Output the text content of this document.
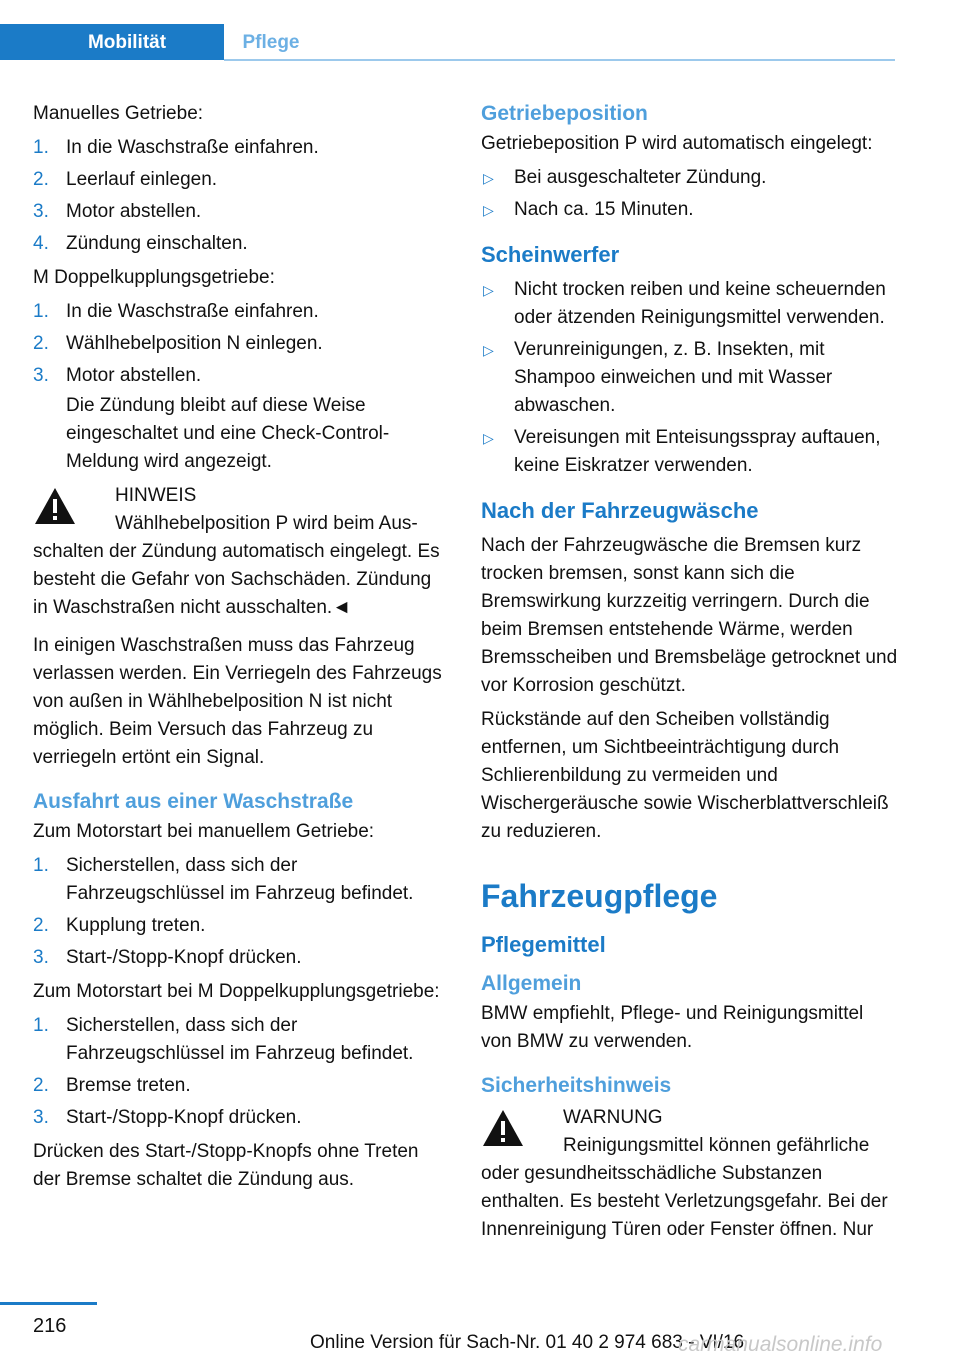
Mobilität	Pflege

Manuelles Getriebe:

1. In die Waschstraße einfahren.
2. Leerlauf einlegen.
3. Motor abstellen.
4. Zündung einschalten.

M Doppelkupplungsgetriebe:

1. In die Waschstraße einfahren.
2. Wählhebelposition N einlegen.
3. Motor abstellen.
Die Zündung bleibt auf diese Weise eingeschaltet und eine Check-Control-Meldung wird angezeigt.
HINWEIS
Wählhebelposition P wird beim Aus-
schalten der Zündung automatisch eingelegt. Es besteht die Gefahr von Sachschäden. Zündung in Waschstraßen nicht ausschalten.◄

In einigen Waschstraßen muss das Fahrzeug verlassen werden. Ein Verriegeln des Fahrzeugs von außen in Wählhebelposition N ist nicht möglich. Beim Versuch das Fahrzeug zu verriegeln ertönt ein Signal.

Ausfahrt aus einer Waschstraße

Zum Motorstart bei manuellem Getriebe:

1. Sicherstellen, dass sich der Fahrzeugschlüssel im Fahrzeug befindet.
2. Kupplung treten.
3. Start-/Stopp-Knopf drücken.

Zum Motorstart bei M Doppelkupplungsgetriebe:

1. Sicherstellen, dass sich der Fahrzeugschlüssel im Fahrzeug befindet.
2. Bremse treten.
3. Start-/Stopp-Knopf drücken.

Drücken des Start-/Stopp-Knopfs ohne Treten der Bremse schaltet die Zündung aus.

Getriebeposition

Getriebeposition P wird automatisch eingelegt:

▷ Bei ausgeschalteter Zündung.
▷ Nach ca. 15 Minuten.
Scheinwerfer
▷ Nicht trocken reiben und keine scheuernden oder ätzenden Reinigungsmittel verwenden.
▷ Verunreinigungen, z. B. Insekten, mit Shampoo einweichen und mit Wasser abwaschen.
▷ Vereisungen mit Enteisungsspray auftauen, keine Eiskratzer verwenden.
Nach der Fahrzeugwäsche

Nach der Fahrzeugwäsche die Bremsen kurz trocken bremsen, sonst kann sich die Bremswirkung kurzzeitig verringern. Durch die beim Bremsen entstehende Wärme, werden Bremsscheiben und Bremsbeläge getrocknet und vor Korrosion geschützt.

Rückstände auf den Scheiben vollständig entfernen, um Sichtbeeinträchtigung durch Schlierenbildung zu vermeiden und Wischergeräusche sowie Wischerblattverschleiß zu reduzieren.

Fahrzeugpflege
Pflegemittel
Allgemein

BMW empfiehlt, Pflege- und Reinigungsmittel von BMW zu verwenden.

Sicherheitshinweis
WARNUNG
Reinigungsmittel können gefährliche
oder gesundheitsschädliche Substanzen enthalten. Es besteht Verletzungsgefahr. Bei der Innenreinigung Türen oder Fenster öffnen. Nur
216
Online Version für Sach-Nr. 01 40 2 974 683 - VI/16
carmanualsonline.info
